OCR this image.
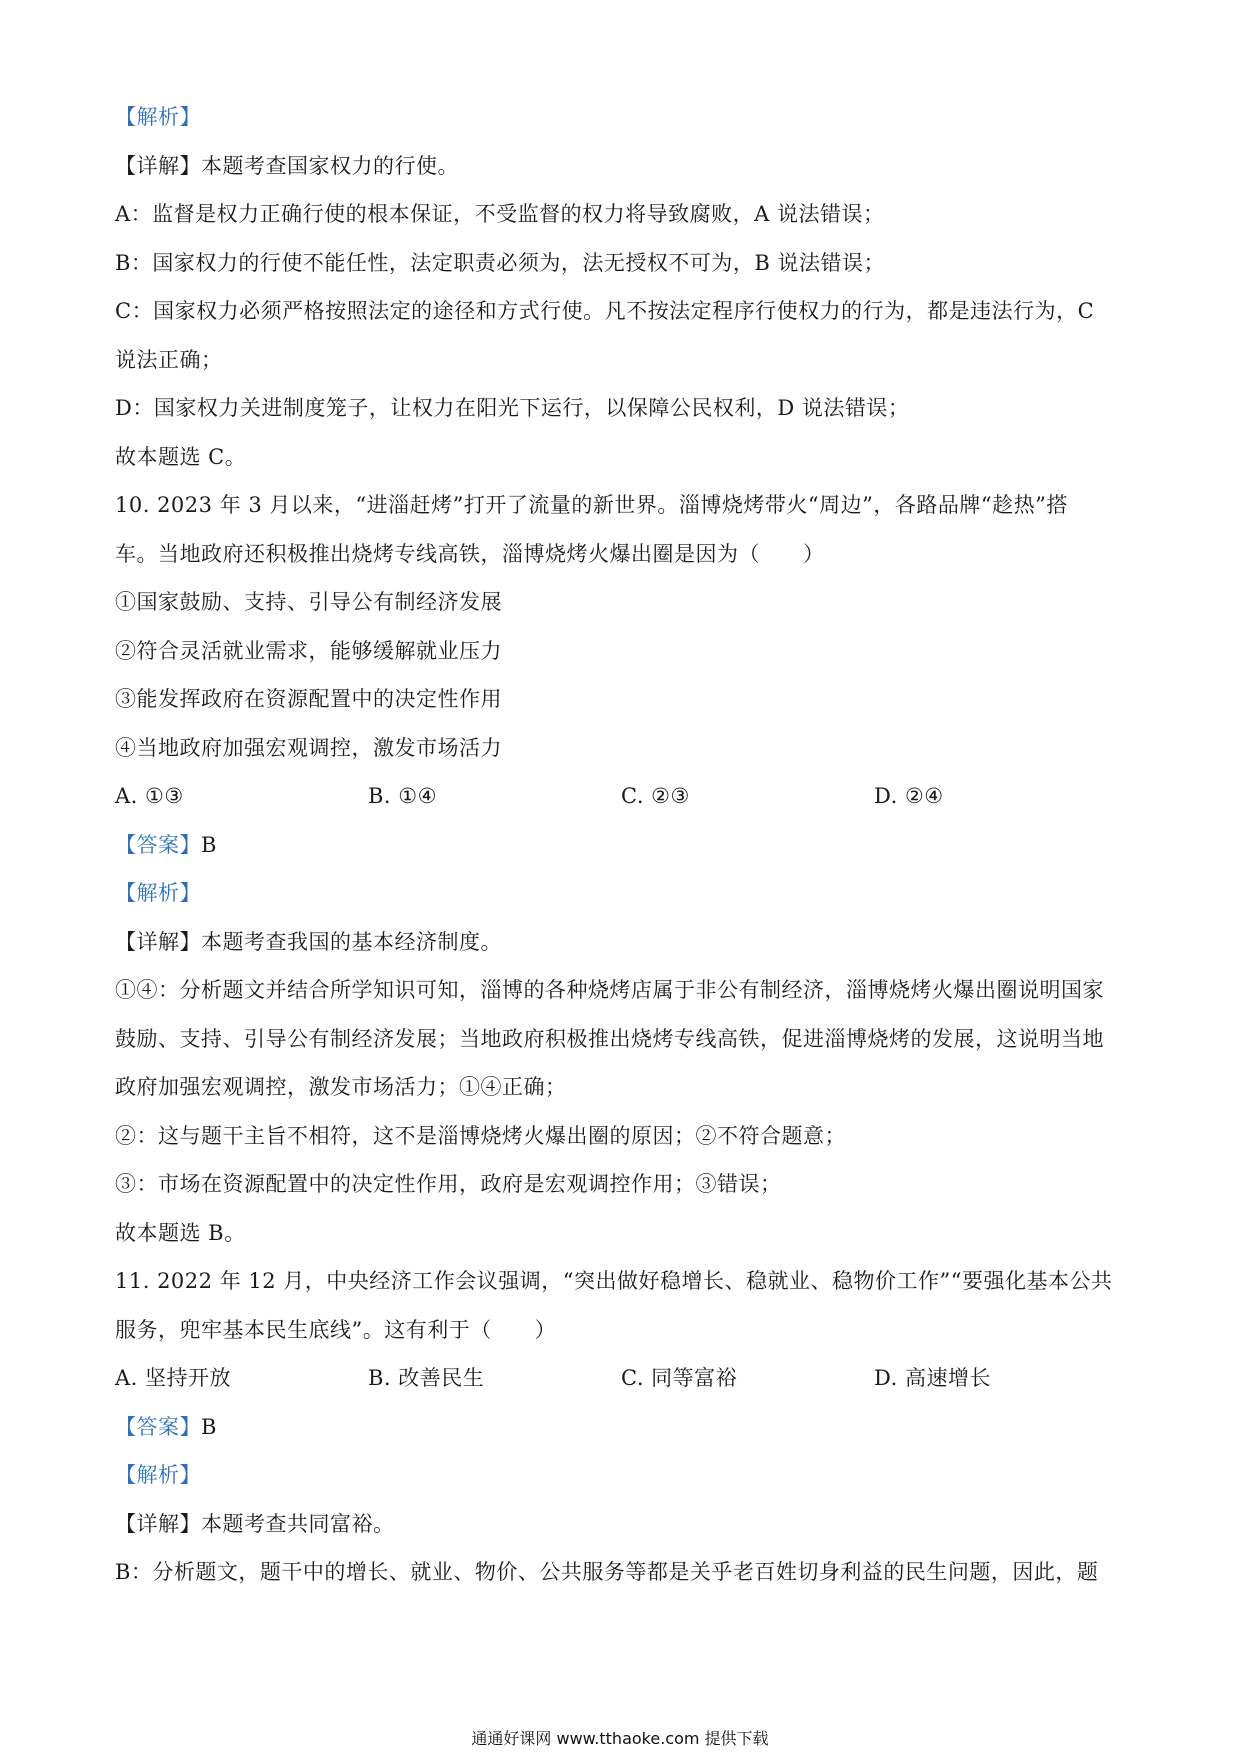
【解析】
【详解】本题考查国家权力的行使。
A：监督是权力正确行使的根本保证，不受监督的权力将导致腐败，A 说法错误；
B：国家权力的行使不能任性，法定职责必须为，法无授权不可为，B 说法错误；
C：国家权力必须严格按照法定的途径和方式行使。凡不按法定程序行使权力的行为，都是违法行为，C
说法正确；
D：国家权力关进制度笼子，让权力在阳光下运行，以保障公民权利，D 说法错误；
故本题选 C。
10. 2023 年 3 月以来，“进淄赶烤”打开了流量的新世界。淄博烧烤带火“周边”，各路品牌“趁热”搭
车。当地政府还积极推出烧烤专线高铁，淄博烧烤火爆出圈是因为（　　）
①国家鼓励、支持、引导公有制经济发展
②符合灵活就业需求，能够缓解就业压力
③能发挥政府在资源配置中的决定性作用
④当地政府加强宏观调控，激发市场活力
A. ①③	B. ①④	C. ②③	D. ②④
【答案】B
【解析】
【详解】本题考查我国的基本经济制度。
①④：分析题文并结合所学知识可知，淄博的各种烧烤店属于非公有制经济，淄博烧烤火爆出圈说明国家
鼓励、支持、引导公有制经济发展；当地政府积极推出烧烤专线高铁，促进淄博烧烤的发展，这说明当地
政府加强宏观调控，激发市场活力；①④正确；
②：这与题干主旨不相符，这不是淄博烧烤火爆出圈的原因；②不符合题意；
③：市场在资源配置中的决定性作用，政府是宏观调控作用；③错误；
故本题选 B。
11. 2022 年 12 月，中央经济工作会议强调，“突出做好稳增长、稳就业、稳物价工作”“要强化基本公共
服务，兜牢基本民生底线”。这有利于（　　）
A. 坚持开放	B. 改善民生	C. 同等富裕	D. 高速增长
【答案】B
【解析】
【详解】本题考查共同富裕。
B：分析题文，题干中的增长、就业、物价、公共服务等都是关乎老百姓切身利益的民生问题，因此，题
通通好课网 www.tthaoke.com 提供下载
